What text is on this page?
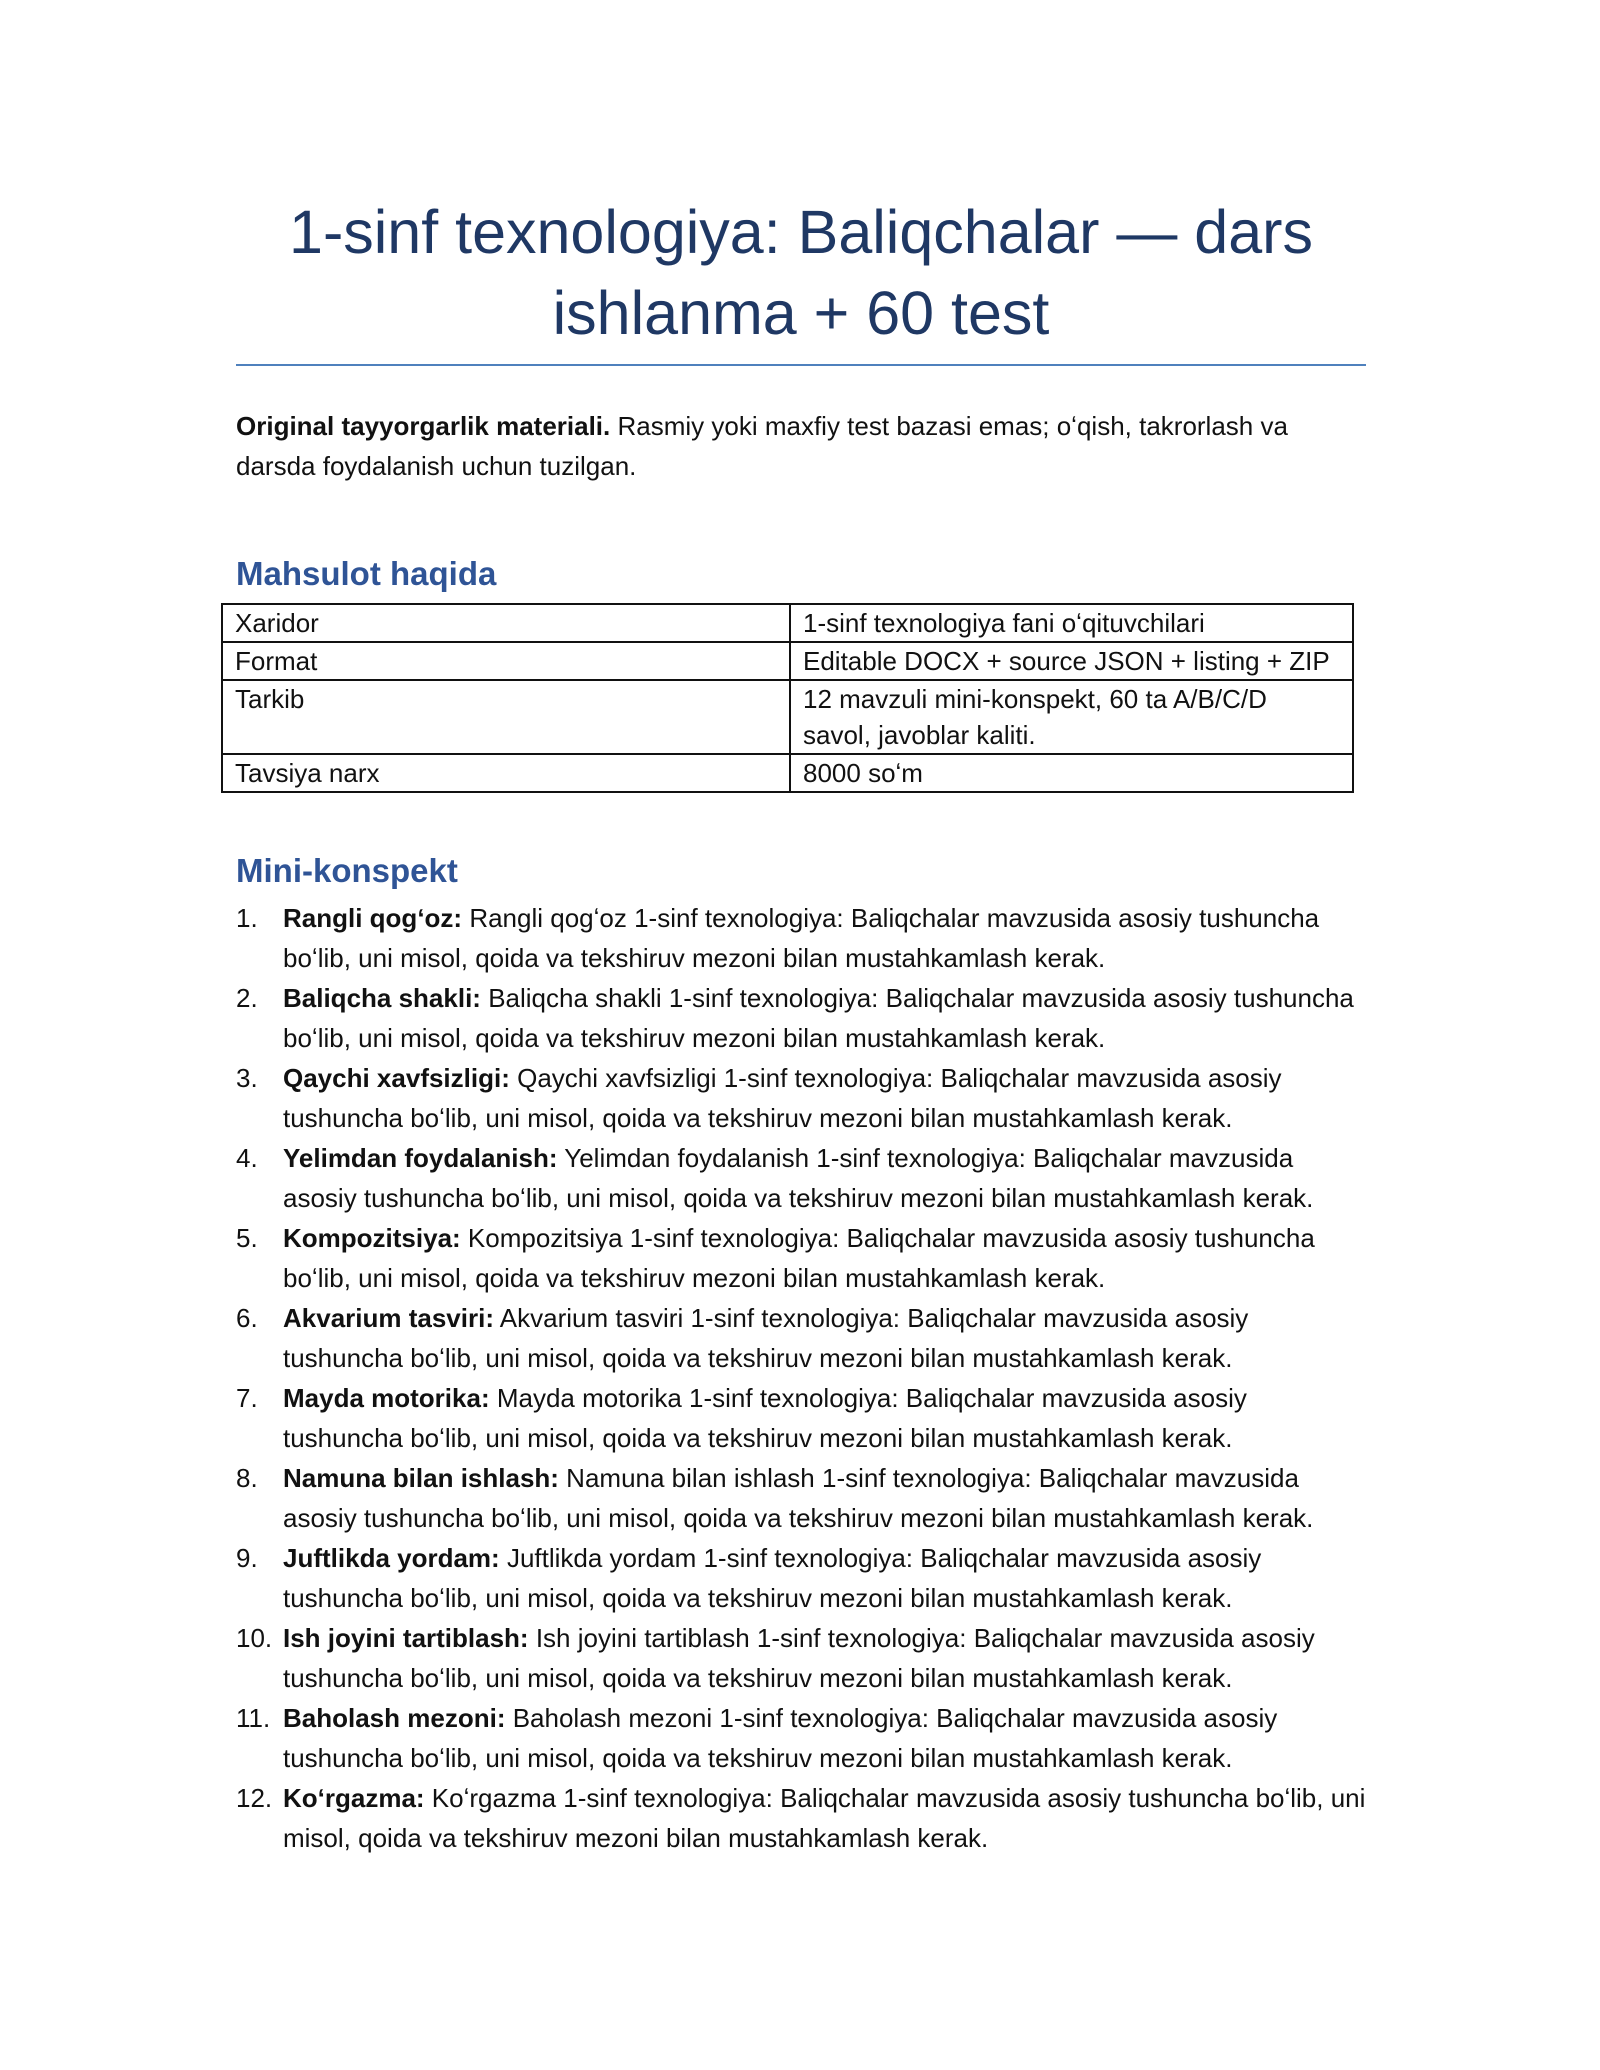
1-sinf texnologiya: Baliqchalar — dars ishlanma + 60 test

Original tayyorgarlik materiali. Rasmiy yoki maxfiy test bazasi emas; oʻqish, takrorlash va darsda foydalanish uchun tuzilgan.

Mahsulot haqida
Xaridor	1-sinf texnologiya fani oʻqituvchilari
Format	Editable DOCX + source JSON + listing + ZIP
Tarkib	12 mavzuli mini-konspekt, 60 ta A/B/C/D savol, javoblar kaliti.
Tavsiya narx	8000 soʻm
Mini-konspekt
1. Rangli qogʻoz: Rangli qogʻoz 1-sinf texnologiya: Baliqchalar mavzusida asosiy tushuncha boʻlib, uni misol, qoida va tekshiruv mezoni bilan mustahkamlash kerak.
2. Baliqcha shakli: Baliqcha shakli 1-sinf texnologiya: Baliqchalar mavzusida asosiy tushuncha boʻlib, uni misol, qoida va tekshiruv mezoni bilan mustahkamlash kerak.
3. Qaychi xavfsizligi: Qaychi xavfsizligi 1-sinf texnologiya: Baliqchalar mavzusida asosiy tushuncha boʻlib, uni misol, qoida va tekshiruv mezoni bilan mustahkamlash kerak.
4. Yelimdan foydalanish: Yelimdan foydalanish 1-sinf texnologiya: Baliqchalar mavzusida asosiy tushuncha boʻlib, uni misol, qoida va tekshiruv mezoni bilan mustahkamlash kerak.
5. Kompozitsiya: Kompozitsiya 1-sinf texnologiya: Baliqchalar mavzusida asosiy tushuncha boʻlib, uni misol, qoida va tekshiruv mezoni bilan mustahkamlash kerak.
6. Akvarium tasviri: Akvarium tasviri 1-sinf texnologiya: Baliqchalar mavzusida asosiy tushuncha boʻlib, uni misol, qoida va tekshiruv mezoni bilan mustahkamlash kerak.
7. Mayda motorika: Mayda motorika 1-sinf texnologiya: Baliqchalar mavzusida asosiy tushuncha boʻlib, uni misol, qoida va tekshiruv mezoni bilan mustahkamlash kerak.
8. Namuna bilan ishlash: Namuna bilan ishlash 1-sinf texnologiya: Baliqchalar mavzusida asosiy tushuncha boʻlib, uni misol, qoida va tekshiruv mezoni bilan mustahkamlash kerak.
9. Juftlikda yordam: Juftlikda yordam 1-sinf texnologiya: Baliqchalar mavzusida asosiy tushuncha boʻlib, uni misol, qoida va tekshiruv mezoni bilan mustahkamlash kerak.
10. Ish joyini tartiblash: Ish joyini tartiblash 1-sinf texnologiya: Baliqchalar mavzusida asosiy tushuncha boʻlib, uni misol, qoida va tekshiruv mezoni bilan mustahkamlash kerak.
11. Baholash mezoni: Baholash mezoni 1-sinf texnologiya: Baliqchalar mavzusida asosiy tushuncha boʻlib, uni misol, qoida va tekshiruv mezoni bilan mustahkamlash kerak.
12. Koʻrgazma: Koʻrgazma 1-sinf texnologiya: Baliqchalar mavzusida asosiy tushuncha boʻlib, uni misol, qoida va tekshiruv mezoni bilan mustahkamlash kerak.
